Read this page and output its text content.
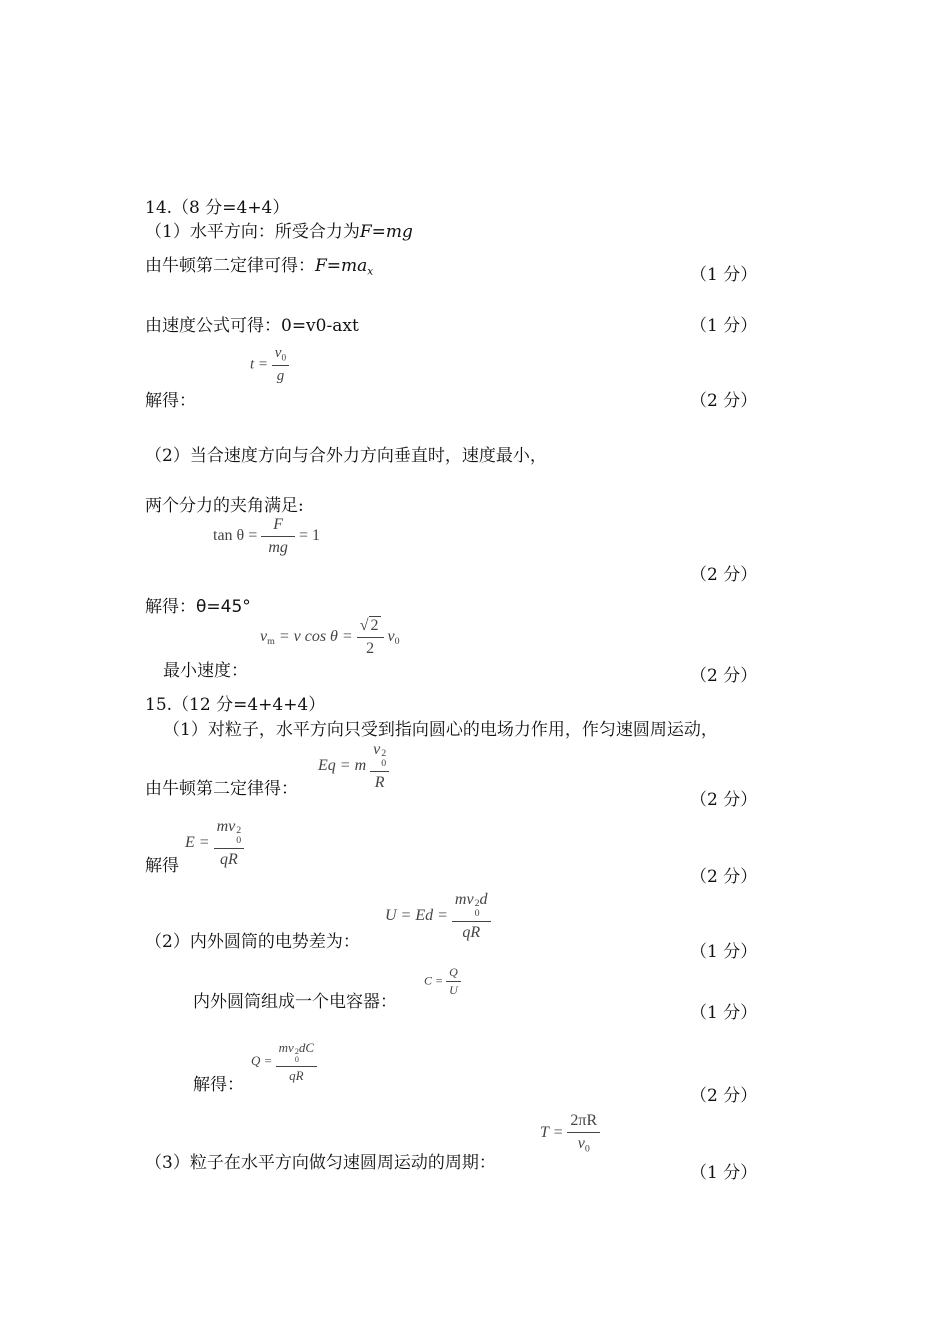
14.（8 分=4+4）
（1）水平方向：所受合力为F=mg
由牛顿第二定律可得：$F=ma_x$	（1 分）
由速度公式可得：0=v0-axt	（1 分）
$t = \frac{v_0}{g}$
解得：	（2 分）
（2）当合速度方向与合外力方向垂直时，速度最小，
两个分力的夹角满足:
$\tan \theta = \frac{F}{mg} = 1$
（2 分）
解得：θ=45°
$v_m = v$ $\cos \theta = \frac{√ 2}{2} v_0$
最小速度：	（2 分）
15.（12 分=4+4+4）
（1）对粒子，水平方向只受到指向圆心的电场力作用，作匀速圆周运动，
Eq = m v 2
0
R
由牛顿第二定律得：
（2 分）
E = mv 2
0
qR
解得
（2 分）
U = Ed = mv 2
0
d
qR
（2）内外圆筒的电势差为：	（1 分）
$C = \frac{Q}{U}$
内外圆筒组成一个电容器：
（1 分）
Q = mv 2
0
dC
qR
解得：
（2 分）
$T = \frac{2\pi R}{v_0}$
（3）粒子在水平方向做匀速圆周运动的周期：	（1 分）
